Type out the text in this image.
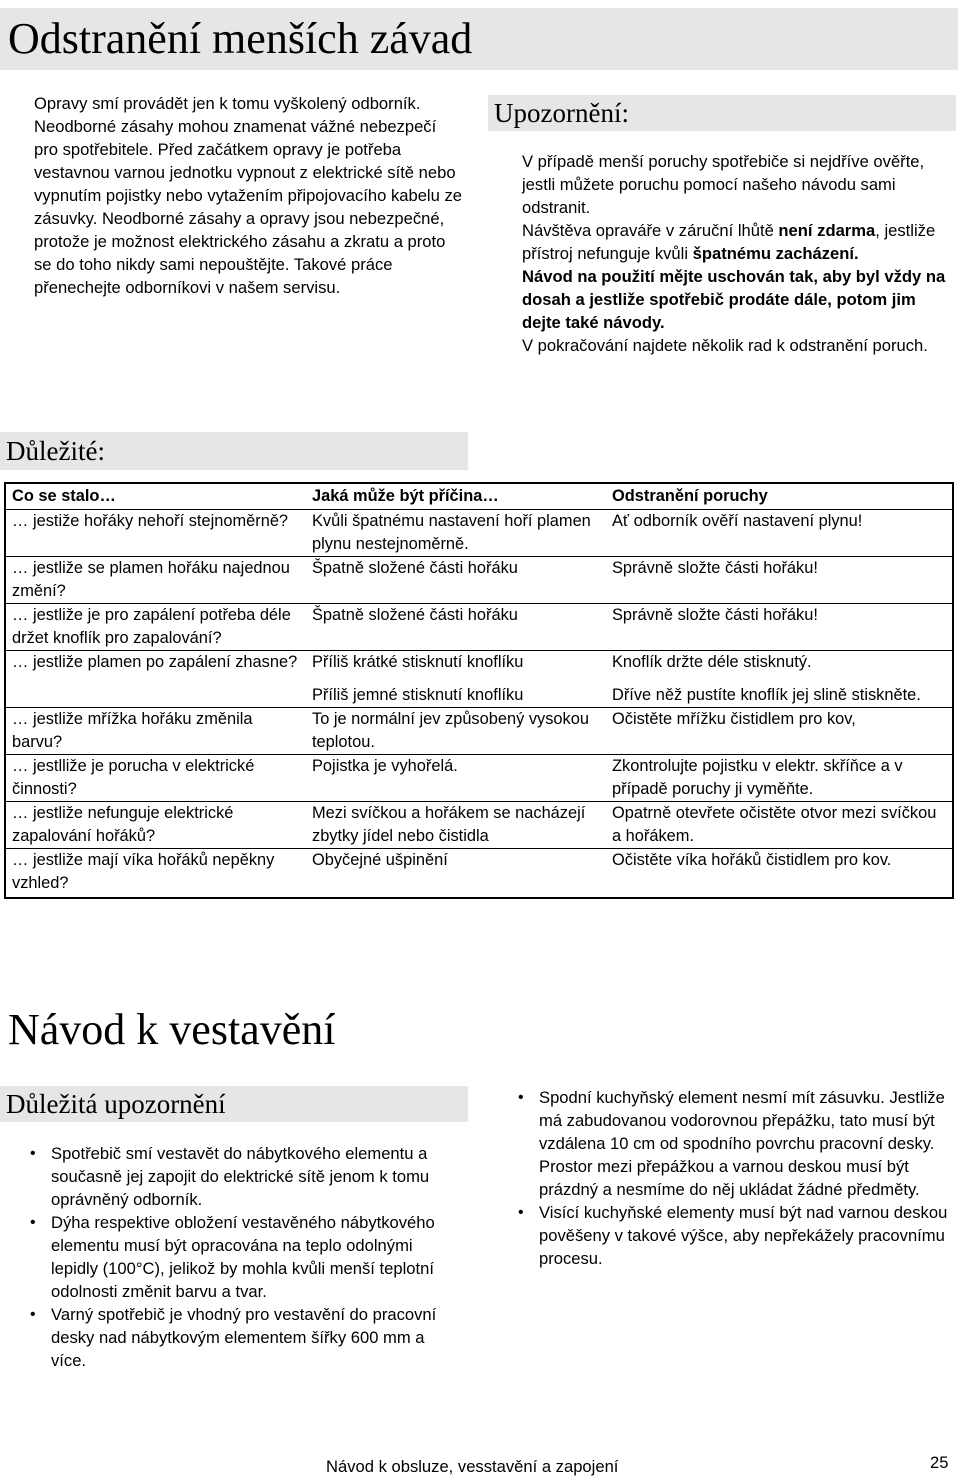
Odstranění menších závad
Opravy smí provádět jen k tomu vyškolený odborník. Neodborné zásahy mohou znamenat vážné nebezpečí pro spotřebitele. Před začátkem opravy je potřeba vestavnou varnou jednotku vypnout z elektrické sítě nebo vypnutím pojistky nebo vytažením připojovacího kabelu ze zásuvky. Neodborné zásahy a opravy jsou nebezpečné, protože je možnost elektrického zásahu a zkratu a proto se do toho nikdy sami nepouštějte. Takové práce přenechejte odborníkovi v našem servisu.
Upozornění:

V případě menší poruchy spotřebiče si nejdříve ověřte, jestli můžete poruchu pomocí našeho návodu sami odstranit.

Návštěva opraváře v záruční lhůtě není zdarma, jestliže přístroj nefunguje kvůli špatnému zacházení.

Návod na použití mějte uschován tak, aby byl vždy na dosah a jestliže spotřebič prodáte dále, potom jim dejte také návody.

V pokračování najdete několik rad k odstranění poruch.

Důležité:
Co se stalo…	Jaká může být příčina…	Odstranění poruchy
… jestiže hořáky nehoří stejnoměrně?	Kvůli špatnému nastavení hoří plamen plynu nestejnoměrně.	Ať odborník ověří nastavení plynu!
… jestliže se plamen hořáku najednou změní?	Špatně složené části hořáku	Správně složte části hořáku!
… jestliže je pro zapálení potřeba déle držet knoflík pro zapalování?	Špatně složené části hořáku	Správně složte části hořáku!
… jestliže plamen po zapálení zhasne?	Příliš krátké stisknutí knoflíku	Knoflík držte déle stisknutý.
	Příliš jemné stisknutí knoflíku	Dříve něž pustíte knoflík jej slině stiskněte.
… jestliže mřížka hořáku změnila barvu?	To je normální jev způsobený vysokou teplotou.	Očistěte mřížku čistidlem pro kov,
… jestlliže je porucha v elektrické činnosti?	Pojistka je vyhořelá.	Zkontrolujte pojistku v elektr. skříňce a v případě poruchy ji vyměňte.
… jestliže nefunguje elektrické zapalování hořáků?	Mezi svíčkou a hořákem se nacházejí zbytky jídel nebo čistidla	Opatrně otevřete očistěte otvor mezi svíčkou a hořákem.
… jestliže mají víka hořáků nepěkny vzhled?	Obyčejné ušpinění	Očistěte víka hořáků čistidlem pro kov.
Návod k vestavění
Důležitá upozornění
• Spotřebič smí vestavět do nábytkového elementu a současně jej zapojit do elektrické sítě jenom k tomu oprávněný odborník.
• Dýha respektive obložení vestavěného nábytkového elementu musí být opracována na teplo odolnými lepidly (100°C), jelikož by mohla kvůli menší teplotní odolnosti změnit barvu a tvar.
• Varný spotřebič je vhodný pro vestavění do pracovní desky nad nábytkovým elementem šířky 600 mm a více.
• Spodní kuchyňský element nesmí mít zásuvku. Jestliže má zabudovanou vodorovnou přepážku, tato musí být vzdálena 10 cm od spodního povrchu pracovní desky. Prostor mezi přepážkou a varnou deskou musí být prázdný a nesmíme do něj ukládat žádné předměty.
• Visící kuchyňské elementy musí být nad varnou deskou pověšeny v takové výšce, aby nepřekážely pracovnímu procesu.
Návod k obsluze, vesstavění a zapojení	25
